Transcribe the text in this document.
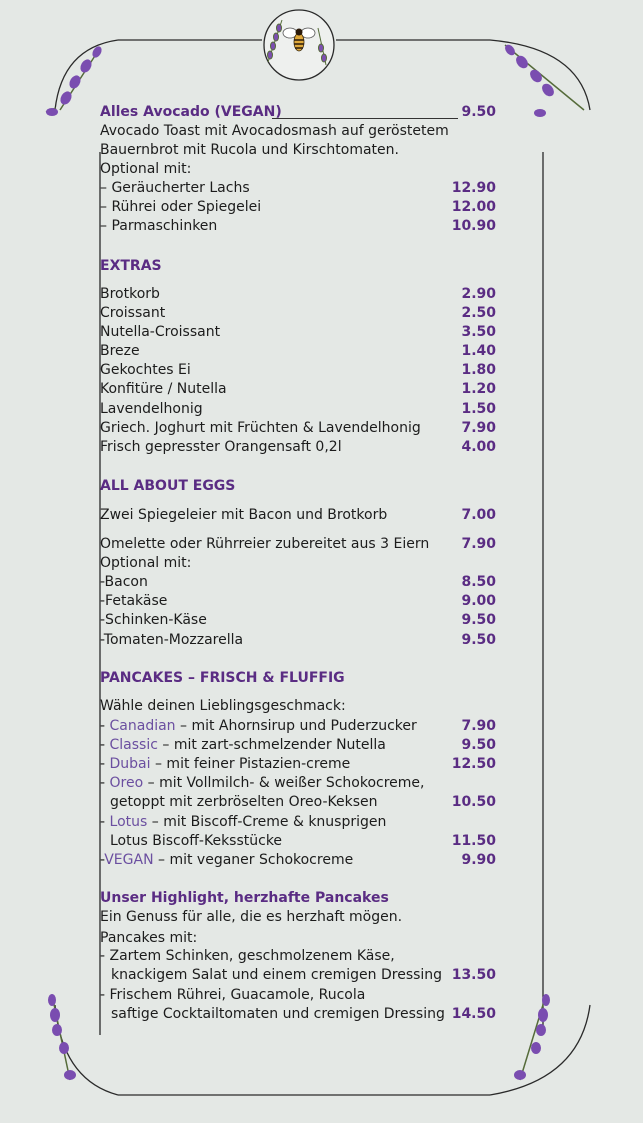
Alles Avocado (VEGAN)	9.50
Avocado Toast mit Avocadosmash auf geröstetem
Bauernbrot mit Rucola und Kirschtomaten.
Optional mit:
– Geräucherter Lachs	12.90
– Rührei oder Spiegelei	12.00
– Parmaschinken	10.90
EXTRAS
Brotkorb	2.90
Croissant	2.50
Nutella-Croissant	3.50
Breze	1.40
Gekochtes Ei	1.80
Konfitüre / Nutella	1.20
Lavendelhonig	1.50
Griech. Joghurt mit Früchten & Lavendelhonig	7.90
Frisch gepresster Orangensaft 0,2l	4.00
ALL ABOUT EGGS
Zwei Spiegeleier mit Bacon und Brotkorb	7.00
Omelette oder Rührreier zubereitet aus 3 Eiern 7.90
Optional mit:
-Bacon	8.50
-Fetakäse	9.00
-Schinken-Käse	9.50
-Tomaten-Mozzarella	9.50
PANCAKES – FRISCH & FLUFFIG
Wähle deinen Lieblingsgeschmack:
- Canadian – mit Ahornsirup und Puderzucker	7.90
- Classic – mit zart-schmelzender Nutella	9.50
- Dubai – mit feiner Pistazien-creme	12.50
- Oreo – mit Vollmilch- & weißer Schokocreme,
getoppt mit zerbröselten Oreo-Keksen	10.50
- Lotus – mit Biscoff-Creme & knusprigen
Lotus Biscoff-Keksstücke	11.50
-VEGAN – mit veganer Schokocreme	9.90
Unser Highlight, herzhafte Pancakes
Ein Genuss für alle, die es herzhaft mögen.
Pancakes mit:
- Zartem Schinken, geschmolzenem Käse,
knackigem Salat und einem cremigen Dressing 13.50
- Frischem Rührei, Guacamole, Rucola
saftige Cocktailtomaten und cremigen Dressing 14.50
